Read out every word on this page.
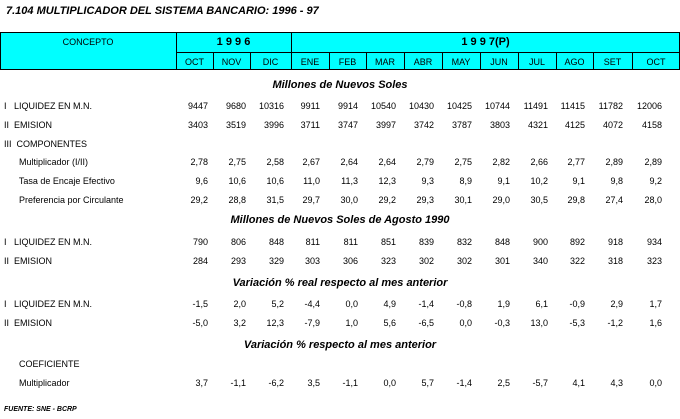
7.104 MULTIPLICADOR DEL SISTEMA BANCARIO: 1996 - 97
CONCEPTO	1 9 9 6	1 9 9 7(P)
OCT	NOV	DIC	ENE	FEB	MAR	ABR	MAY	JUN	JUL	AGO	SET	OCT
Millones de Nuevos Soles
Millones de Nuevos Soles de Agosto 1990
Variación % real respecto al mes anterior
Variación % respecto al mes anterior
I   LIQUIDEZ EN M.N.	9447 9680 10316 9911 9914 10540 10430 10425 10744 11491 11415 11782 12006
II  EMISION	3403 3519 3996 3711 3747 3997 3742 3787 3803 4321 4125 4072 4158
III  COMPONENTES
Multiplicador (I/II)	2,78 2,75 2,58 2,67 2,64 2,64 2,79 2,75 2,82 2,66 2,77 2,89 2,89
Tasa de Encaje Efectivo	9,6 10,6 10,6 11,0 11,3 12,3	9,3	8,9	9,1 10,2	9,1	9,8	9,2
Preferencia por Circulante	29,2 28,8 31,5 29,7 30,0 29,2 29,3 30,1 29,0 30,5 29,8 27,4 28,0
I   LIQUIDEZ EN M.N.	790	806	848 811	811	851	839	832	848	900 892	918	934
II  EMISION	284	293	329 303	306	323	302	302	301	340 322	318	323
I   LIQUIDEZ EN M.N.	-1,5	2,0	5,2 -4,4	0,0	4,9 -1,4 -0,8	1,9	6,1 -0,9	2,9	1,7
II  EMISION	-5,0	3,2 12,3 -7,9	1,0	5,6 -6,5	0,0 -0,3 13,0 -5,3 -1,2	1,6
COEFICIENTE
Multiplicador	3,7 -1,1 -6,2	3,5 -1,1	0,0	5,7 -1,4	2,5 -5,7	4,1	4,3	0,0
FUENTE: SNE - BCRP
